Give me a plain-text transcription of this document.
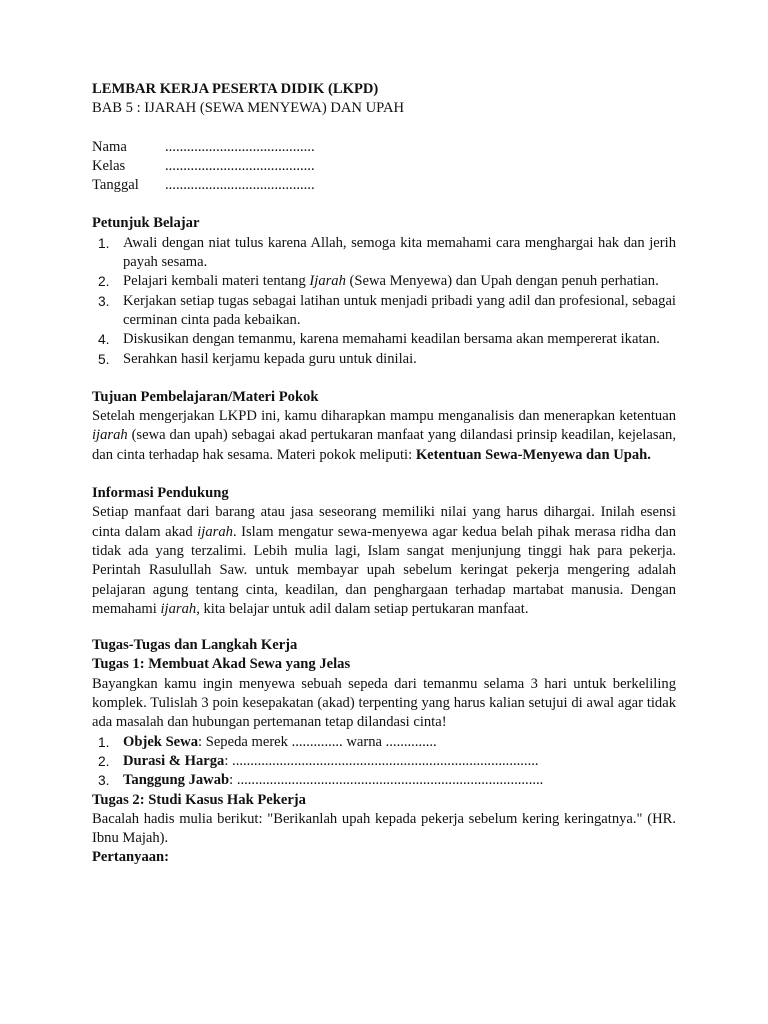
LEMBAR KERJA PESERTA DIDIK (LKPD)

BAB 5 : IJARAH (SEWA MENYEWA) DAN UPAH

Nama	.........................................
Kelas	.........................................
Tanggal	.........................................

Petunjuk Belajar

1. Awali dengan niat tulus karena Allah, semoga kita memahami cara menghargai hak dan jerih payah sesama.
2. Pelajari kembali materi tentang Ijarah (Sewa Menyewa) dan Upah dengan penuh perhatian.
3. Kerjakan setiap tugas sebagai latihan untuk menjadi pribadi yang adil dan profesional, sebagai cerminan cinta pada kebaikan.
4. Diskusikan dengan temanmu, karena memahami keadilan bersama akan mempererat ikatan.
5. Serahkan hasil kerjamu kepada guru untuk dinilai.

Tujuan Pembelajaran/Materi Pokok

Setelah mengerjakan LKPD ini, kamu diharapkan mampu menganalisis dan menerapkan ketentuan ijarah (sewa dan upah) sebagai akad pertukaran manfaat yang dilandasi prinsip keadilan, kejelasan, dan cinta terhadap hak sesama. Materi pokok meliputi: Ketentuan Sewa-Menyewa dan Upah.

Informasi Pendukung

Setiap manfaat dari barang atau jasa seseorang memiliki nilai yang harus dihargai. Inilah esensi cinta dalam akad ijarah. Islam mengatur sewa-menyewa agar kedua belah pihak merasa ridha dan tidak ada yang terzalimi. Lebih mulia lagi, Islam sangat menjunjung tinggi hak para pekerja. Perintah Rasulullah Saw. untuk membayar upah sebelum keringat pekerja mengering adalah pelajaran agung tentang cinta, keadilan, dan penghargaan terhadap martabat manusia. Dengan memahami ijarah, kita belajar untuk adil dalam setiap pertukaran manfaat.

Tugas-Tugas dan Langkah Kerja

Tugas 1: Membuat Akad Sewa yang Jelas

Bayangkan kamu ingin menyewa sebuah sepeda dari temanmu selama 3 hari untuk berkeliling komplek. Tulislah 3 poin kesepakatan (akad) terpenting yang harus kalian setujui di awal agar tidak ada masalah dan hubungan pertemanan tetap dilandasi cinta!

1. Objek Sewa: Sepeda merek .............. warna ..............
2. Durasi & Harga: ....................................................................................
3. Tanggung Jawab: ....................................................................................

Tugas 2: Studi Kasus Hak Pekerja

Bacalah hadis mulia berikut: "Berikanlah upah kepada pekerja sebelum kering keringatnya." (HR. Ibnu Majah).

Pertanyaan:
